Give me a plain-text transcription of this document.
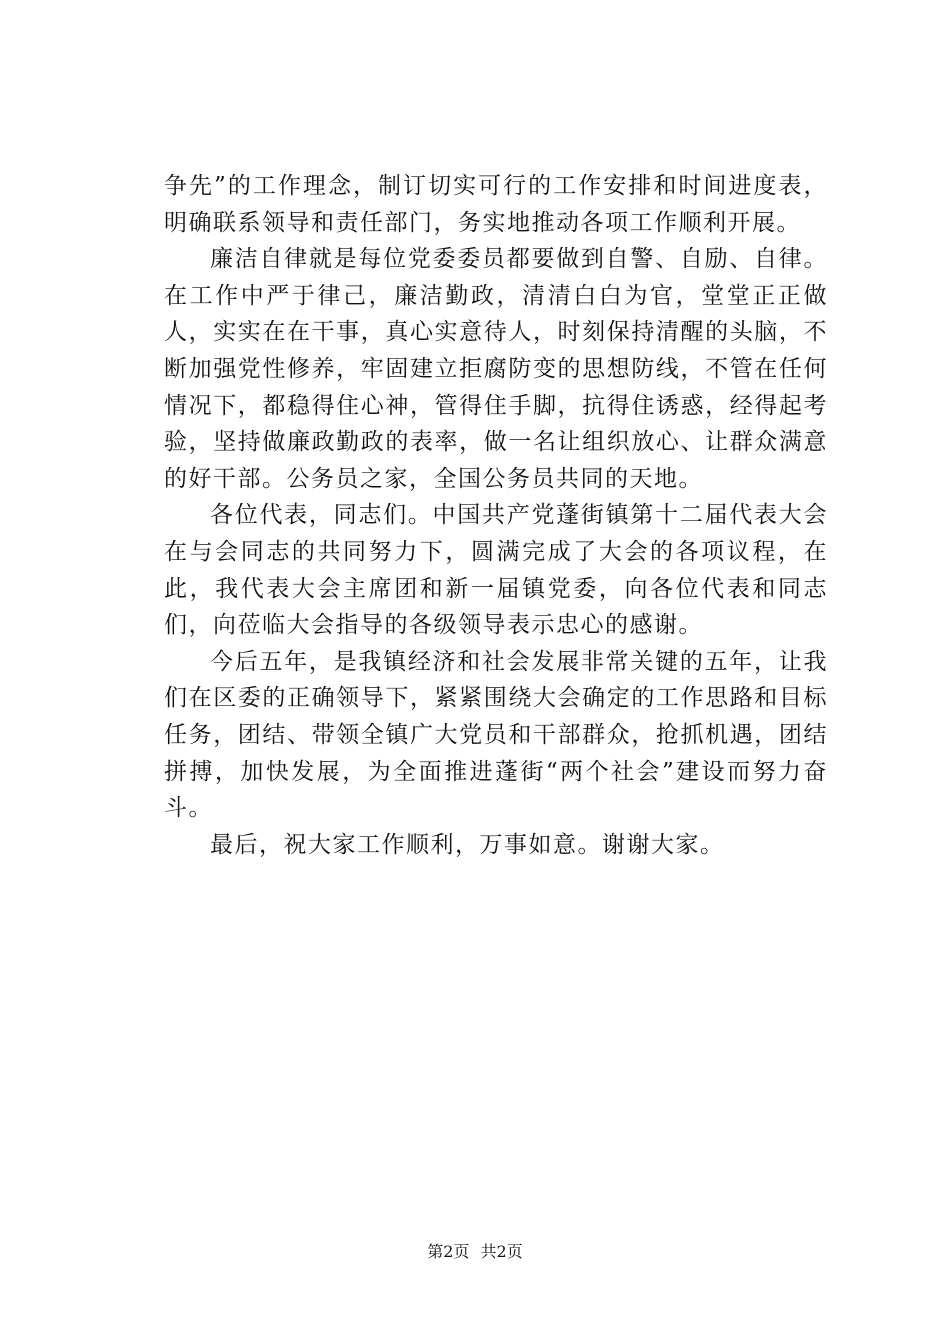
争先”的工作理念，制订切实可行的工作安排和时间进度表，明确联系领导和责任部门，务实地推动各项工作顺利开展。

廉洁自律就是每位党委委员都要做到自警、自励、自律。在工作中严于律己，廉洁勤政，清清白白为官，堂堂正正做人，实实在在干事，真心实意待人，时刻保持清醒的头脑，不断加强党性修养，牢固建立拒腐防变的思想防线，不管在任何情况下，都稳得住心神，管得住手脚，抗得住诱惑，经得起考验，坚持做廉政勤政的表率，做一名让组织放心、让群众满意的好干部。公务员之家，全国公务员共同的天地。

各位代表，同志们。中国共产党蓬街镇第十二届代表大会在与会同志的共同努力下，圆满完成了大会的各项议程，在此，我代表大会主席团和新一届镇党委，向各位代表和同志们，向莅临大会指导的各级领导表示忠心的感谢。

今后五年，是我镇经济和社会发展非常关键的五年，让我们在区委的正确领导下，紧紧围绕大会确定的工作思路和目标任务，团结、带领全镇广大党员和干部群众，抢抓机遇，团结拼搏，加快发展，为全面推进蓬街“两个社会”建设而努力奋斗。

最后，祝大家工作顺利，万事如意。谢谢大家。

第2页 共2页
